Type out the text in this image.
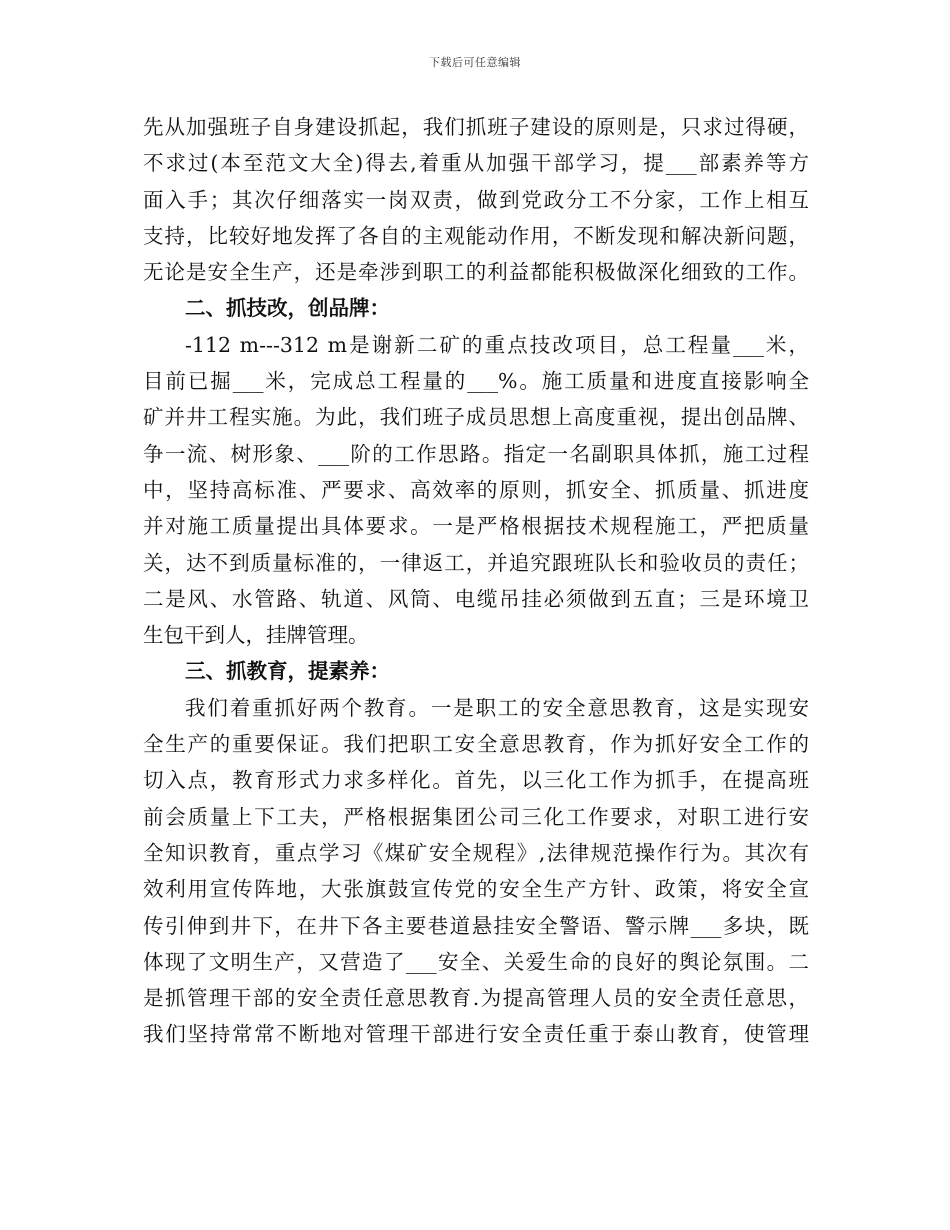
下载后可任意编辑
先从加强班子自身建设抓起，我们抓班子建设的原则是，只求过得硬，
不求过(本至范文大全)得去,着重从加强干部学习，提___部素养等方
面入手；其次仔细落实一岗双责，做到党政分工不分家，工作上相互
支持，比较好地发挥了各自的主观能动作用，不断发现和解决新问题，
无论是安全生产，还是牵涉到职工的利益都能积极做深化细致的工作。
二、抓技改，创品牌：
-112 m---312 m是谢新二矿的重点技改项目，总工程量___米，
目前已掘___米，完成总工程量的___%。施工质量和进度直接影响全
矿并井工程实施。为此，我们班子成员思想上高度重视，提出创品牌、
争一流、树形象、___阶的工作思路。指定一名副职具体抓，施工过程
中，坚持高标准、严要求、高效率的原则，抓安全、抓质量、抓进度
并对施工质量提出具体要求。一是严格根据技术规程施工，严把质量
关，达不到质量标准的，一律返工，并追究跟班队长和验收员的责任；
二是风、水管路、轨道、风筒、电缆吊挂必须做到五直；三是环境卫
生包干到人，挂牌管理。
三、抓教育，提素养：
我们着重抓好两个教育。一是职工的安全意思教育，这是实现安
全生产的重要保证。我们把职工安全意思教育，作为抓好安全工作的
切入点，教育形式力求多样化。首先，以三化工作为抓手，在提高班
前会质量上下工夫，严格根据集团公司三化工作要求，对职工进行安
全知识教育，重点学习《煤矿安全规程》,法律规范操作行为。其次有
效利用宣传阵地，大张旗鼓宣传党的安全生产方针、政策，将安全宣
传引伸到井下，在井下各主要巷道悬挂安全警语、警示牌___多块，既
体现了文明生产，又营造了___安全、关爱生命的良好的舆论氛围。二
是抓管理干部的安全责任意思教育.为提高管理人员的安全责任意思，
我们坚持常常不断地对管理干部进行安全责任重于泰山教育，使管理
